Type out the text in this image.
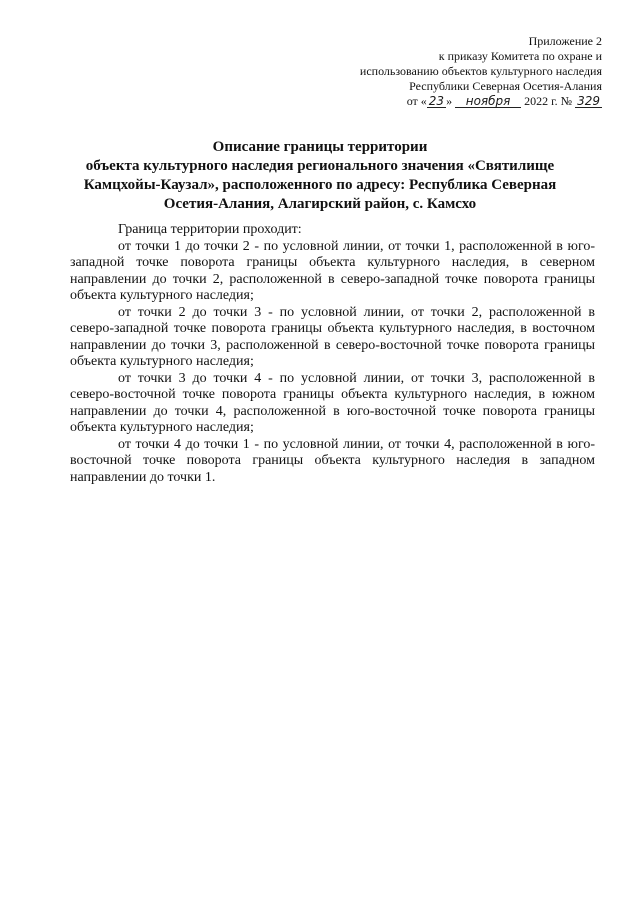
Приложение 2
к приказу Комитета по охране и
использованию объектов культурного наследия
Республики Северная Осетия-Алания
от « 23 » ноября 2022 г. № 329
Описание границы территории
объекта культурного наследия регионального значения «Святилище
Камцхойы-Каузал», расположенного по адресу: Республика Северная
Осетия-Алания, Алагирский район, с. Камсхо

Граница территории проходит:

от точки 1 до точки 2 - по условной линии, от точки 1, расположенной в юго-западной точке поворота границы объекта культурного наследия, в северном направлении до точки 2, расположенной в северо-западной точке поворота границы объекта культурного наследия;

от точки 2 до точки 3 - по условной линии, от точки 2, расположенной в северо-западной точке поворота границы объекта культурного наследия, в восточном направлении до точки 3, расположенной в северо-восточной точке поворота границы объекта культурного наследия;

от точки 3 до точки 4 - по условной линии, от точки 3, расположенной в северо-восточной точке поворота границы объекта культурного наследия, в южном направлении до точки 4, расположенной в юго-восточной точке поворота границы объекта культурного наследия;

от точки 4 до точки 1 - по условной линии, от точки 4, расположенной в юго-восточной точке поворота границы объекта культурного наследия в западном направлении до точки 1.
